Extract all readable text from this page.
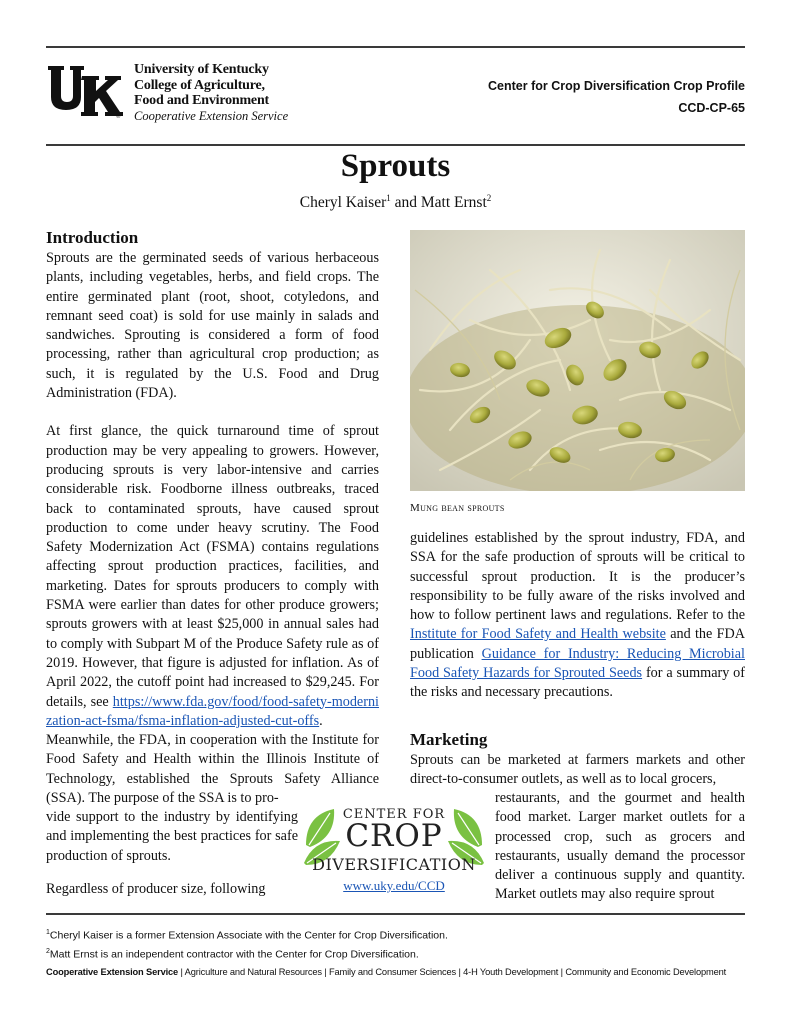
®
University of Kentucky
College of Agriculture,
Food and Environment
Cooperative Extension Service
Center for Crop Diversification Crop Profile
CCD-CP-65
Sprouts
Cheryl Kaiser$^1$ and Matt Ernst$^2$
Introduction

Sprouts are the germinated seeds of various herbaceous plants, including vegetables, herbs, and field crops. The entire germinated plant (root, shoot, cotyledons, and remnant seed coat) is sold for use mainly in salads and sandwiches. Sprouting is considered a form of food processing, rather than agricultural crop production; as such, it is regulated by the U.S. Food and Drug Administration (FDA).

At first glance, the quick turnaround time of sprout production may be very appealing to growers. However, producing sprouts is very labor-intensive and carries considerable risk. Foodborne illness outbreaks, traced back to contaminated sprouts, have caused sprout production to come under heavy scrutiny. The Food Safety Modernization Act (FSMA) contains regulations affecting sprout production practices, facilities, and marketing. Dates for sprouts producers to comply with FSMA were earlier than dates for other produce growers; sprouts growers with at least $25,000 in annual sales had to comply with Subpart M of the Produce Safety rule as of 2019. However, that figure is adjusted for inflation. As of April 2022, the cutoff point had increased to $29,245. For details, see https://www.fda.gov/food/food-safety-modernization-act-fsma/fsma-inflation-adjusted-cut-offs. Meanwhile, the FDA, in cooperation with the Institute for Food Safety and Health within the Illinois Institute of Technology, established the Sprouts Safety Alliance (SSA). The purpose of the SSA is to pro-

vide support to the industry by identifying and implementing the best practices for safe production of sprouts.
Regardless of producer size, following
Mung bean sprouts

guidelines established by the sprout industry, FDA, and SSA for the safe production of sprouts will be critical to successful sprout production. It is the producer’s responsibility to be fully aware of the risks involved and how to follow pertinent laws and regulations. Refer to the Institute for Food Safety and Health website and the FDA publication Guidance for Industry: Reducing Microbial Food Safety Hazards for Sprouted Seeds for a summary of the risks and necessary precautions.

Marketing
Sprouts can be marketed at farmers markets and other direct-to-consumer outlets, as well as to local grocers,
restaurants, and the gourmet and health food market. Larger market outlets for a processed crop, such as grocers and restaurants, usually demand the processor deliver a continuous supply and quantity. Market outlets may also require sprout
CENTER FOR
CROP
DIVERSIFICATION
www.uky.edu/CCD
$^1$Cheryl Kaiser is a former Extension Associate with the Center for Crop Diversification.
$^2$Matt Ernst is an independent contractor with the Center for Crop Diversification.
Cooperative Extension Service | Agriculture and Natural Resources | Family and Consumer Sciences | 4-H Youth Development | Community and Economic Development
